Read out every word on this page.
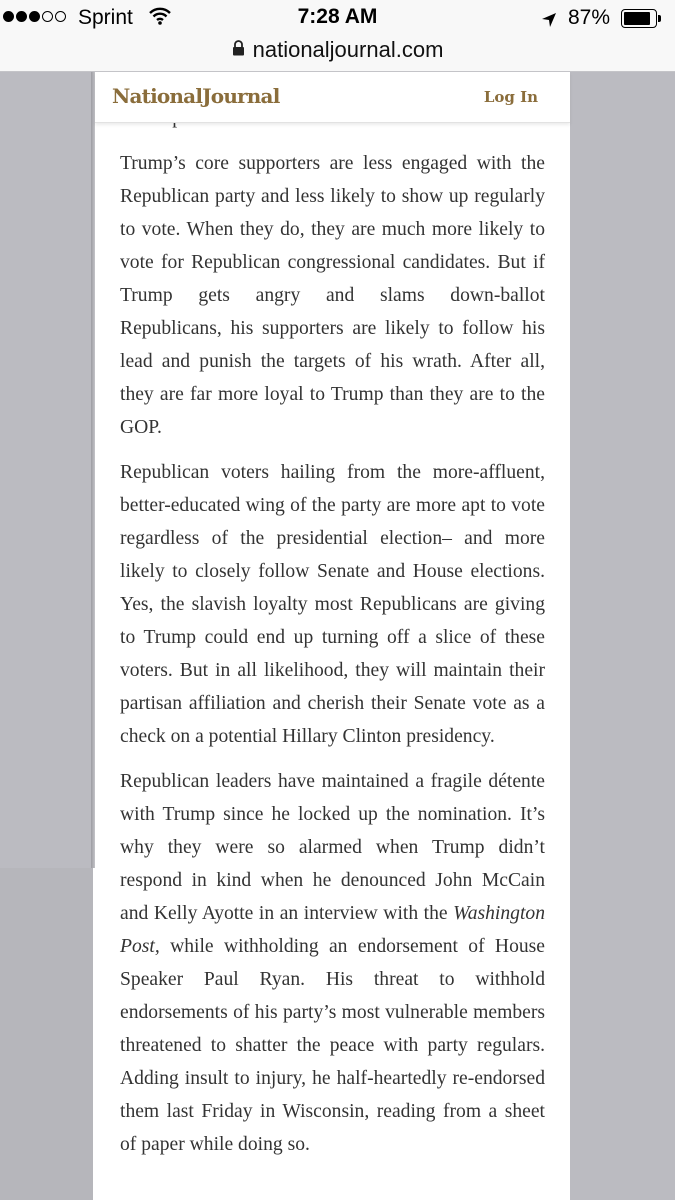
Sprint	7:28 AM	87%
nationaljournal.com
NationalJournal	Log In

Trump’s core supporters are less engaged with the Republican party and less likely to show up regularly to vote. When they do, they are much more likely to vote for Republican congressional candidates. But if Trump gets angry and slams down-ballot Republicans, his supporters are likely to follow his lead and punish the targets of his wrath. After all, they are far more loyal to Trump than they are to the GOP.

Republican voters hailing from the more-affluent, better-educated wing of the party are more apt to vote regardless of the presidential election– and more likely to closely follow Senate and House elections. Yes, the slavish loyalty most Republicans are giving to Trump could end up turning off a slice of these voters. But in all likelihood, they will maintain their partisan affiliation and cherish their Senate vote as a check on a potential Hillary Clinton presidency.

Republican leaders have maintained a fragile détente with Trump since he locked up the nomination. It’s why they were so alarmed when Trump didn’t respond in kind when he denounced John McCain and Kelly Ayotte in an interview with the Washington Post, while withholding an endorsement of House Speaker Paul Ryan. His threat to withhold endorsements of his party’s most vulnerable members threatened to shatter the peace with party regulars. Adding insult to injury, he half-heartedly re-endorsed them last Friday in Wisconsin, reading from a sheet of paper while doing so.
